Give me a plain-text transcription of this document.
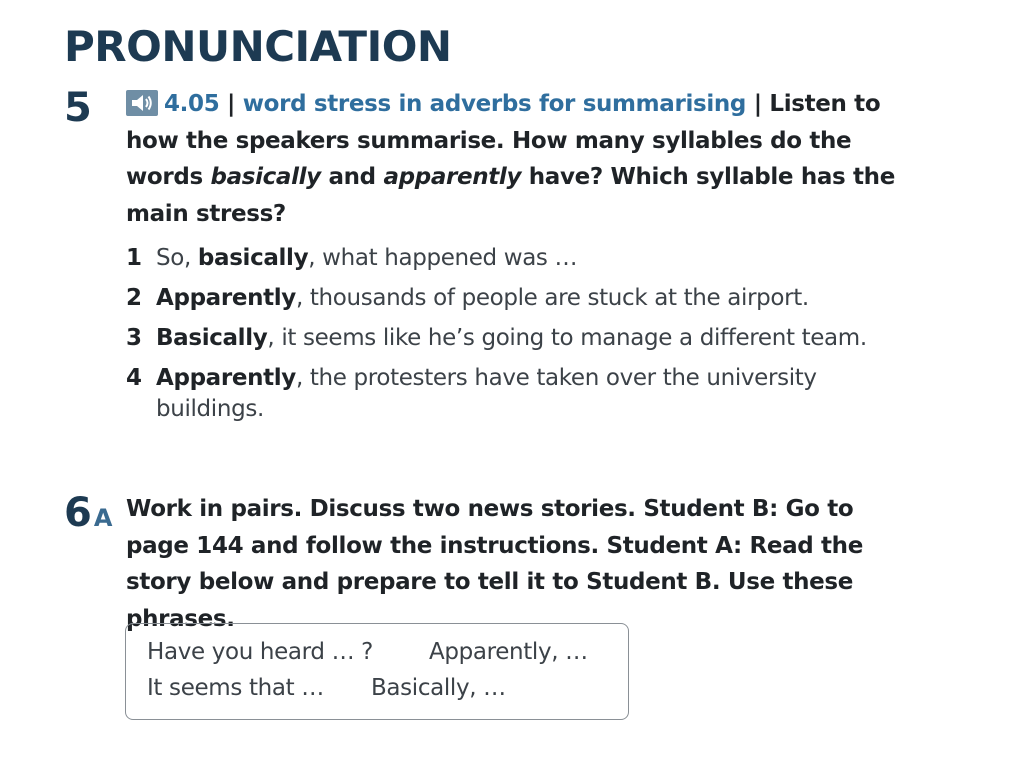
PRONUNCIATION
5	4.05 | word stress in adverbs for summarising | Listen to how the speakers summarise. How many syllables do the words basically and apparently have? Which syllable has the main stress?
1 So, basically, what happened was …
2 Apparently, thousands of people are stuck at the airport.
3 Basically, it seems like he’s going to manage a different team.
4 Apparently, the protesters have taken over the university buildings.
6A Work in pairs. Discuss two news stories. Student B: Go to page 144 and follow the instructions. Student A: Read the story below and prepare to tell it to Student B. Use these phrases.
Have you heard … ? Apparently, …
It seems that … Basically, …
